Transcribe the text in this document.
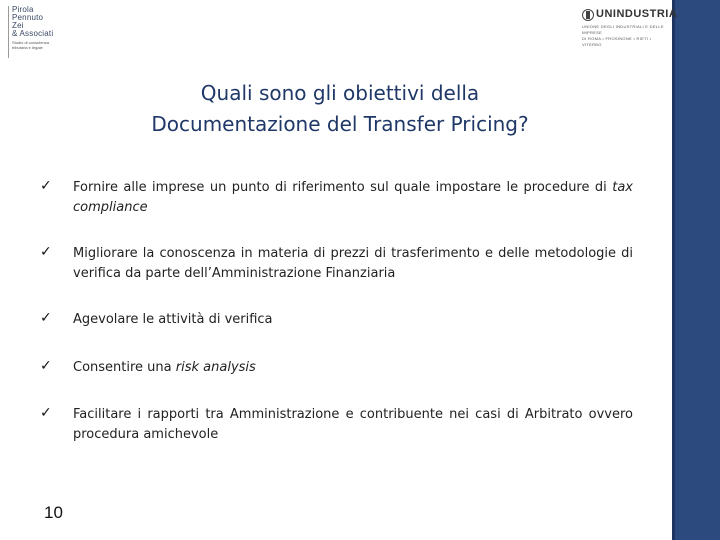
Pirola
Pennuto
Zei
& Associati
Studio di consulenza
tributaria e legale
UNINDUSTRIA
UNIONE DEGLI INDUSTRIALI E DELLE IMPRESE
DI ROMA • FROSINONE • RIETI • VITERBO
Quali sono gli obiettivi della
Documentazione del Transfer Pricing?
✓ Fornire alle imprese un punto di riferimento sul quale impostare le procedure di tax compliance
✓ Migliorare la conoscenza in materia di prezzi di trasferimento e delle metodologie di verifica da parte dell’Amministrazione Finanziaria
✓ Agevolare le attività di verifica
✓ Consentire una risk analysis
✓ Facilitare i rapporti tra Amministrazione e contribuente nei casi di Arbitrato ovvero procedura amichevole
10
